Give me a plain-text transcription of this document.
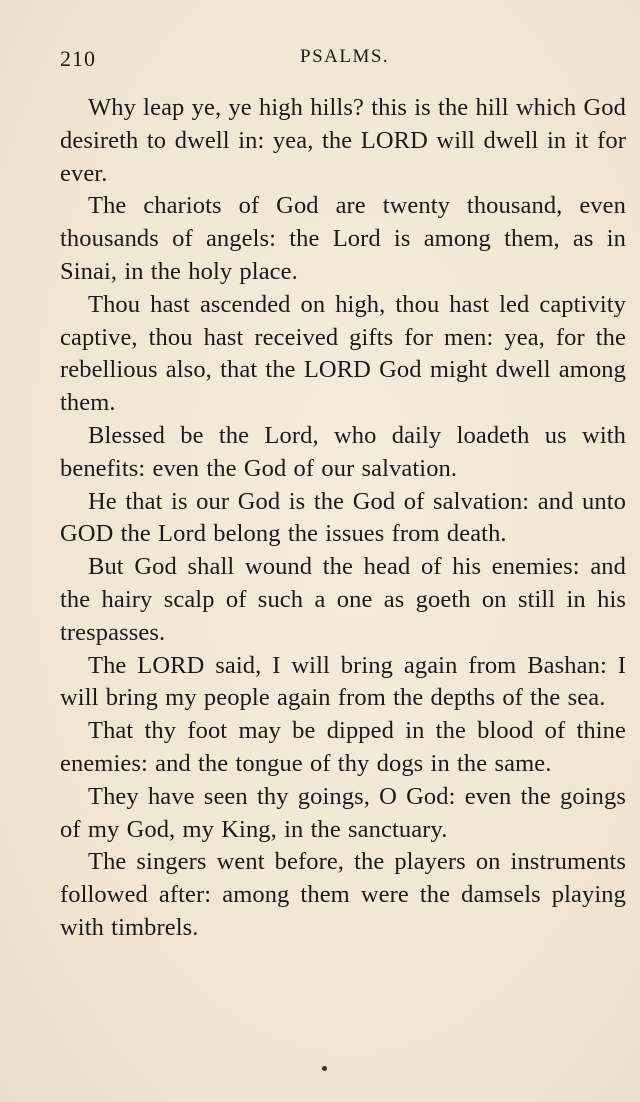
210	PSALMS.

Why leap ye, ye high hills? this is the hill which God desireth to dwell in: yea, the LORD will dwell in it for ever.

The chariots of God are twenty thousand, even thousands of angels: the Lord is among them, as in Sinai, in the holy place.

Thou hast ascended on high, thou hast led captivity captive, thou hast received gifts for men: yea, for the rebellious also, that the LORD God might dwell among them.

Blessed be the Lord, who daily loadeth us with benefits: even the God of our salvation.

He that is our God is the God of salvation: and unto GOD the Lord belong the issues from death.

But God shall wound the head of his enemies: and the hairy scalp of such a one as goeth on still in his trespasses.

The LORD said, I will bring again from Bashan: I will bring my people again from the depths of the sea.

That thy foot may be dipped in the blood of thine enemies: and the tongue of thy dogs in the same.

They have seen thy goings, O God: even the goings of my God, my King, in the sanctuary.

The singers went before, the players on instruments followed after: among them were the damsels playing with timbrels.
